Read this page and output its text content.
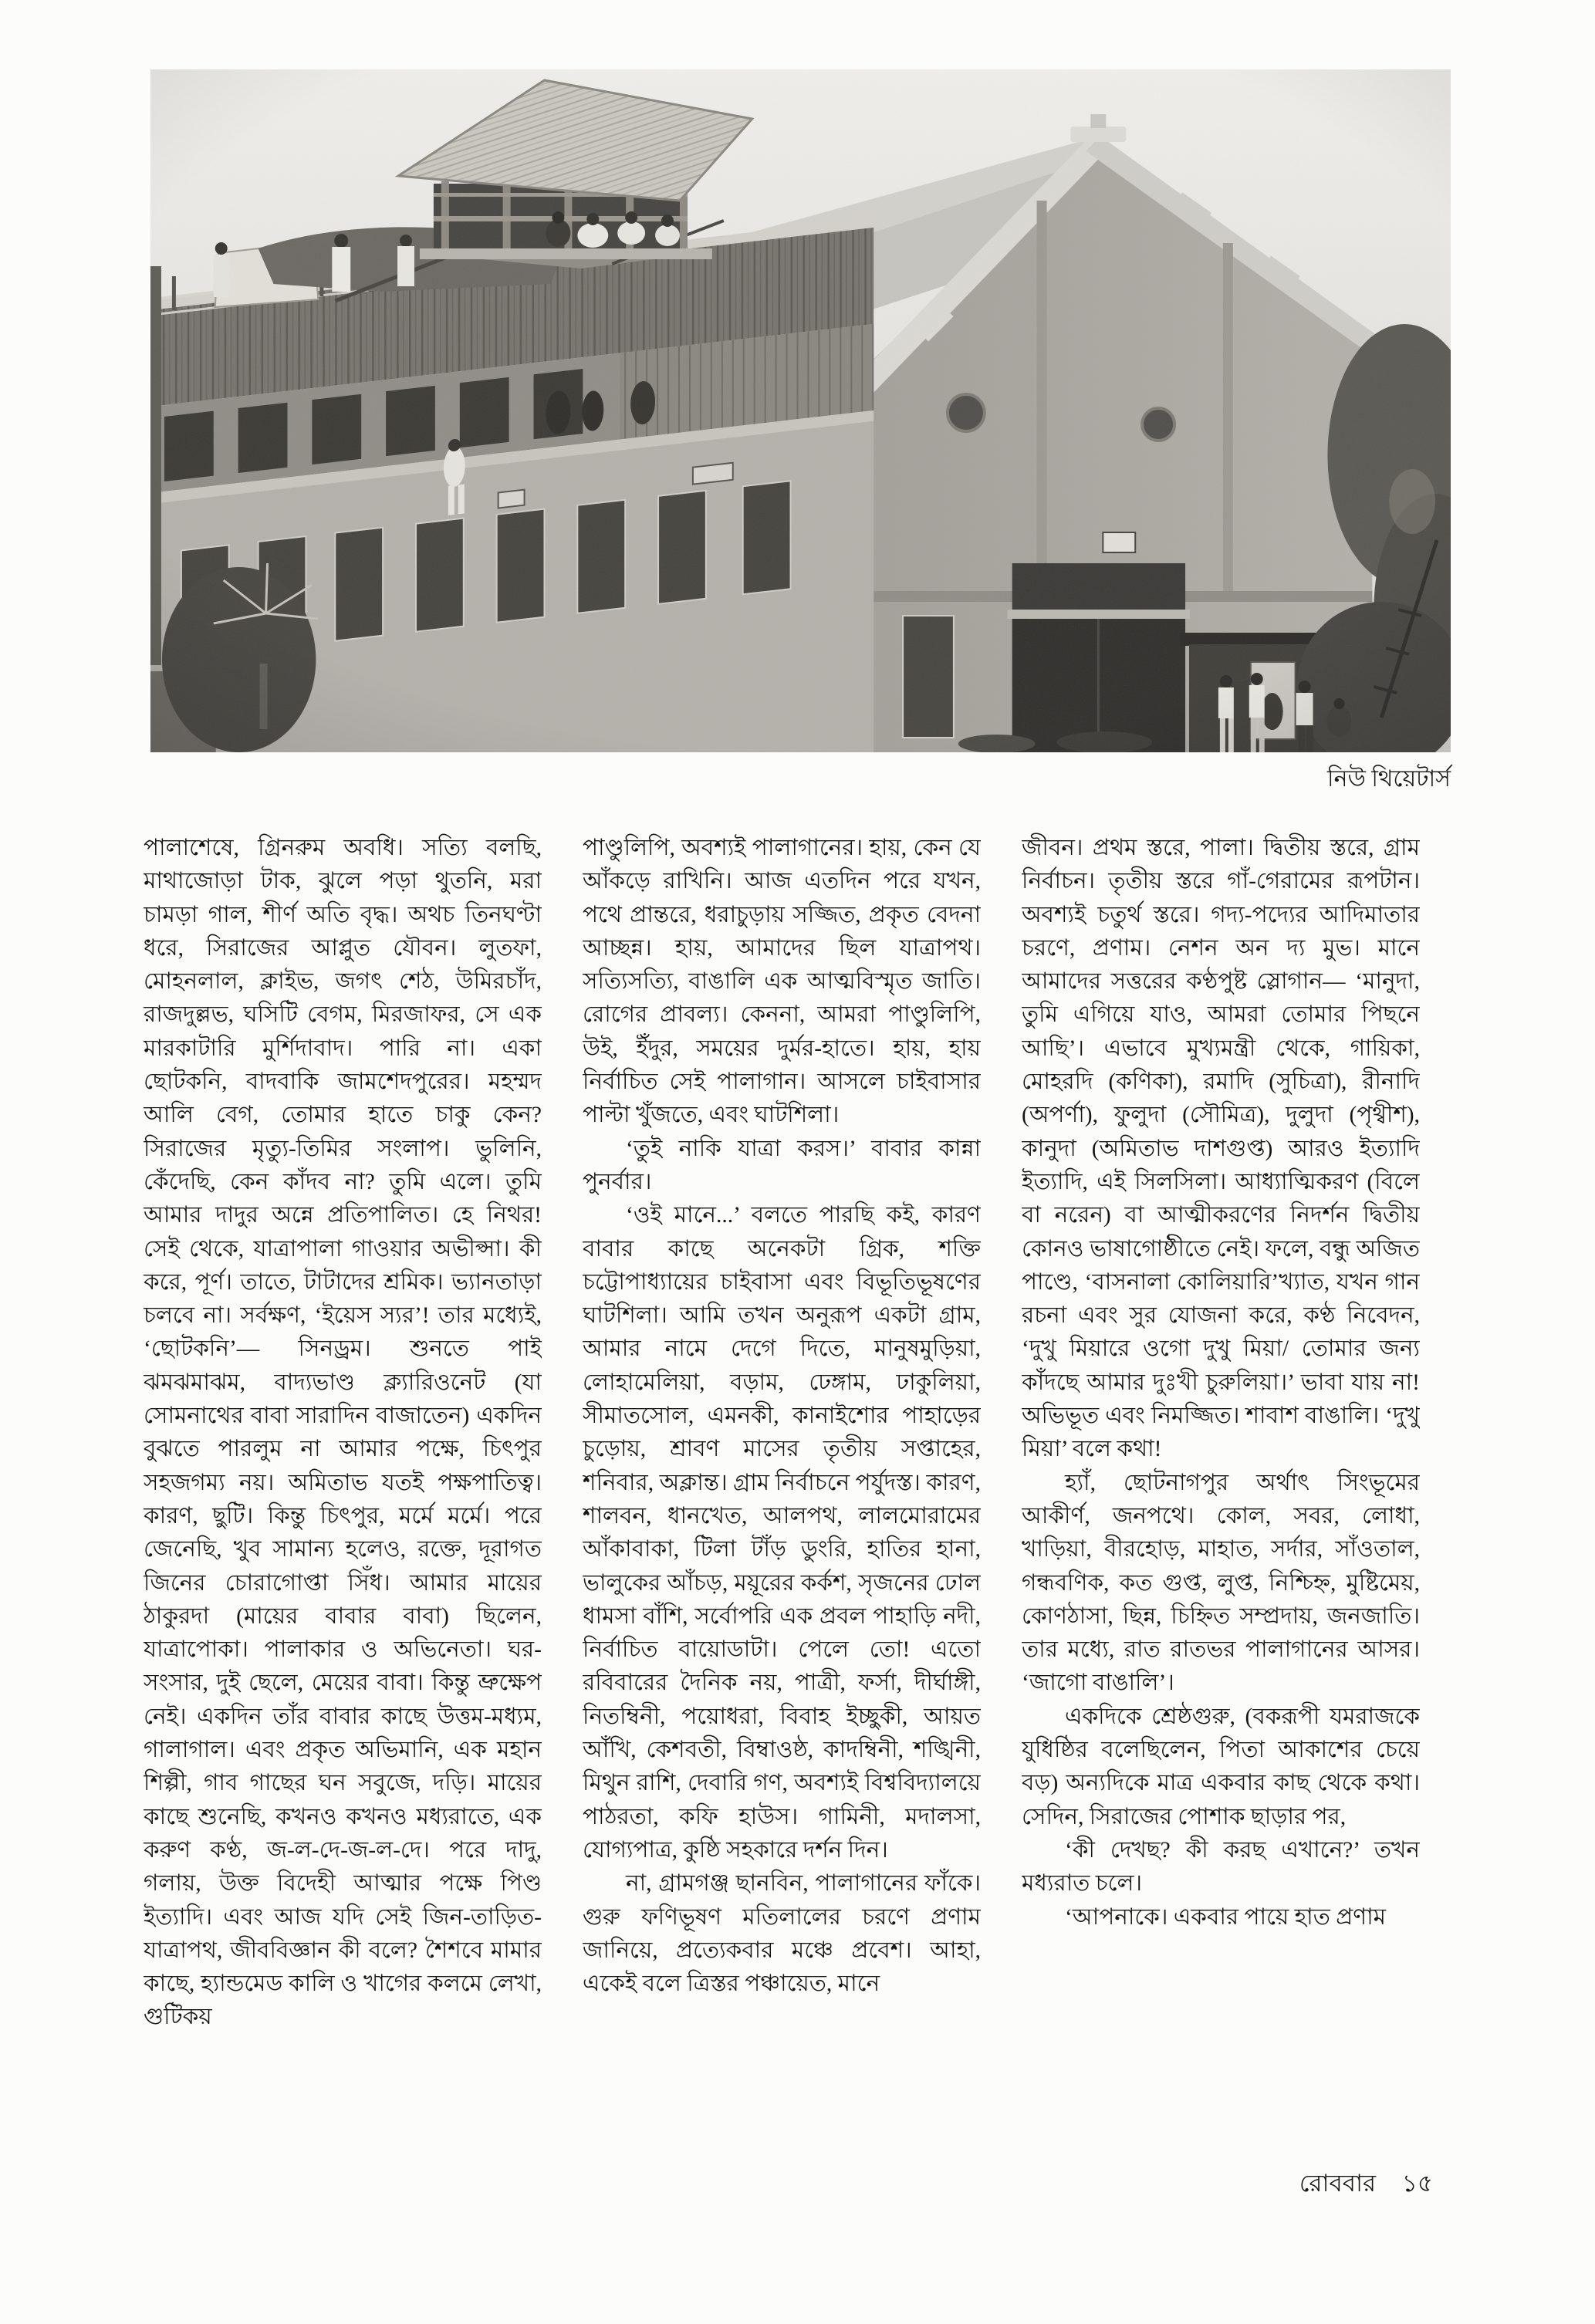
নিউ থিয়েটার্স

পালাশেষে, গ্রিনরুম অবধি। সত্যি বলছি, মাথাজোড়া টাক, ঝুলে পড়া থুতনি, মরা চামড়া গাল, শীর্ণ অতি বৃদ্ধ। অথচ তিনঘণ্টা ধরে, সিরাজের আপ্লুত যৌবন। লুতফা, মোহনলাল, ক্লাইভ, জগৎ শেঠ, উমিরচাঁদ, রাজদুল্লভ, ঘসিটি বেগম, মিরজাফর, সে এক মারকাটারি মুর্শিদাবাদ। পারি না। একা ছোটকনি, বাদবাকি জামশেদপুরের। মহম্মদ আলি বেগ, তোমার হাতে চাকু কেন? সিরাজের মৃত্যু-তিমির সংলাপ। ভুলিনি, কেঁদেছি, কেন কাঁদব না? তুমি এলে। তুমি আমার দাদুর অন্নে প্রতিপালিত। হে নিথর! সেই থেকে, যাত্রাপালা গাওয়ার অভীপ্সা। কী করে, পূর্ণ। তাতে, টাটাদের শ্রমিক। ভ্যানতাড়া চলবে না। সর্বক্ষণ, ‘ইয়েস স্যর’! তার মধ্যেই, ‘ছোটকনি’— সিনড্রম। শুনতে পাই ঝমঝমাঝম, বাদ্যভাণ্ড ক্ল্যারিওনেট (যা সোমনাথের বাবা সারাদিন বাজাতেন) একদিন বুঝতে পারলুম না আমার পক্ষে, চিৎপুর সহজগম্য নয়। অমিতাভ যতই পক্ষপাতিত্ব। কারণ, ছুটি। কিন্তু চিৎপুর, মর্মে মর্মে। পরে জেনেছি, খুব সামান্য হলেও, রক্তে, দূরাগত জিনের চোরাগোপ্তা সিঁধ। আমার মায়ের ঠাকুরদা (মায়ের বাবার বাবা) ছিলেন, যাত্রাপোকা। পালাকার ও অভিনেতা। ঘর-সংসার, দুই ছেলে, মেয়ের বাবা। কিন্তু ভ্রুক্ষেপ নেই। একদিন তাঁর বাবার কাছে উত্তম-মধ্যম, গালাগাল। এবং প্রকৃত অভিমানি, এক মহান শিল্পী, গাব গাছের ঘন সবুজে, দড়ি। মায়ের কাছে শুনেছি, কখনও কখনও মধ্যরাতে, এক করুণ কণ্ঠ, জ-ল-দে-জ-ল-দে। পরে দাদু, গলায়, উক্ত বিদেহী আত্মার পক্ষে পিণ্ড ইত্যাদি। এবং আজ যদি সেই জিন-তাড়িত-যাত্রাপথ, জীববিজ্ঞান কী বলে? শৈশবে মামার কাছে, হ্যান্ডমেড কালি ও খাগের কলমে লেখা, গুটিকয়

পাণ্ডুলিপি, অবশ্যই পালাগানের। হায়, কেন যে আঁকড়ে রাখিনি। আজ এতদিন পরে যখন, পথে প্রান্তরে, ধরাচুড়ায় সজ্জিত, প্রকৃত বেদনা আচ্ছন্ন। হায়, আমাদের ছিল যাত্রাপথ। সত্যিসত্যি, বাঙালি এক আত্মবিস্মৃত জাতি। রোগের প্রাবল্য। কেননা, আমরা পাণ্ডুলিপি, উই, ইঁদুর, সময়ের দুর্মর-হাতে। হায়, হায় নির্বাচিত সেই পালাগান। আসলে চাইবাসার পাল্টা খুঁজতে, এবং ঘাটশিলা।

‘তুই নাকি যাত্রা করস।’ বাবার কান্না পুনর্বার।

‘ওই মানে...’ বলতে পারছি কই, কারণ বাবার কাছে অনেকটা গ্রিক, শক্তি চট্টোপাধ্যায়ের চাইবাসা এবং বিভূতিভূষণের ঘাটশিলা। আমি তখন অনুরূপ একটা গ্রাম, আমার নামে দেগে দিতে, মানুষমুড়িয়া, লোহামেলিয়া, বড়াম, ঢেঙ্গাম, ঢাকুলিয়া, সীমাতসোল, এমনকী, কানাইশোর পাহাড়ের চুড়োয়, শ্রাবণ মাসের তৃতীয় সপ্তাহের, শনিবার, অক্লান্ত। গ্রাম নির্বাচনে পর্যুদস্ত। কারণ, শালবন, ধানখেত, আলপথ, লালমোরামের আঁকাবাকা, টিলা টাঁড় ডুংরি, হাতির হানা, ভালুকের আঁচড়, ময়ূরের কর্কশ, সৃজনের ঢোল ধামসা বাঁশি, সর্বোপরি এক প্রবল পাহাড়ি নদী, নির্বাচিত বায়োডাটা। পেলে তো! এতো রবিবারের দৈনিক নয়, পাত্রী, ফর্সা, দীর্ঘাঙ্গী, নিতম্বিনী, পয়োধরা, বিবাহ ইচ্ছুকী, আয়ত আঁখি, কেশবতী, বিম্বাওষ্ঠ, কাদম্বিনী, শঙ্খিনী, মিথুন রাশি, দেবারি গণ, অবশ্যই বিশ্ববিদ্যালয়ে পাঠরতা, কফি হাউস। গামিনী, মদালসা, যোগ্যপাত্র, কুষ্ঠি সহকারে দর্শন দিন।

না, গ্রামগঞ্জ ছানবিন, পালাগানের ফাঁকে। গুরু ফণিভূষণ মতিলালের চরণে প্রণাম জানিয়ে, প্রত্যেকবার মঞ্চে প্রবেশ। আহা, একেই বলে ত্রিস্তর পঞ্চায়েত, মানে

জীবন। প্রথম স্তরে, পালা। দ্বিতীয় স্তরে, গ্রাম নির্বাচন। তৃতীয় স্তরে গাঁ-গেরামের রূপটান। অবশ্যই চতুর্থ স্তরে। গদ্য-পদ্যের আদিমাতার চরণে, প্রণাম। নেশন অন দ্য মুভ। মানে আমাদের সত্তরের কণ্ঠপুষ্ট স্লোগান— ‘মানুদা, তুমি এগিয়ে যাও, আমরা তোমার পিছনে আছি’। এভাবে মুখ্যমন্ত্রী থেকে, গায়িকা, মোহরদি (কণিকা), রমাদি (সুচিত্রা), রীনাদি (অপর্ণা), ফুলুদা (সৌমিত্র), দুলুদা (পৃথ্বীশ), কানুদা (অমিতাভ দাশগুপ্ত) আরও ইত্যাদি ইত্যাদি, এই সিলসিলা। আধ্যাত্মিকরণ (বিলে বা নরেন) বা আত্মীকরণের নিদর্শন দ্বিতীয় কোনও ভাষাগোষ্ঠীতে নেই। ফলে, বন্ধু অজিত পাণ্ডে, ‘বাসনালা কোলিয়ারি’খ্যাত, যখন গান রচনা এবং সুর যোজনা করে, কণ্ঠ নিবেদন, ‘দুখু মিয়ারে ওগো দুখু মিয়া/ তোমার জন্য কাঁদছে আমার দুঃখী চুরুলিয়া।’ ভাবা যায় না! অভিভূত এবং নিমজ্জিত। শাবাশ বাঙালি। ‘দুখু মিয়া’ বলে কথা!

হ্যাঁ, ছোটনাগপুর অর্থাৎ সিংভূমের আকীর্ণ, জনপথে। কোল, সবর, লোধা, খাড়িয়া, বীরহোড়, মাহাত, সর্দার, সাঁওতাল, গন্ধবণিক, কত গুপ্ত, লুপ্ত, নিশ্চিহ্ন, মুষ্টিমেয়, কোণঠাসা, ছিন্ন, চিহ্নিত সম্প্রদায়, জনজাতি। তার মধ্যে, রাত রাতভর পালাগানের আসর। ‘জাগো বাঙালি’।

একদিকে শ্রেষ্ঠগুরু, (বকরূপী যমরাজকে যুধিষ্ঠির বলেছিলেন, পিতা আকাশের চেয়ে বড়) অন্যদিকে মাত্র একবার কাছ থেকে কথা। সেদিন, সিরাজের পোশাক ছাড়ার পর,

‘কী দেখছ? কী করছ এখানে?’ তখন মধ্যরাত চলে।

‘আপনাকে। একবার পায়ে হাত প্রণাম

রোববার ১৫
